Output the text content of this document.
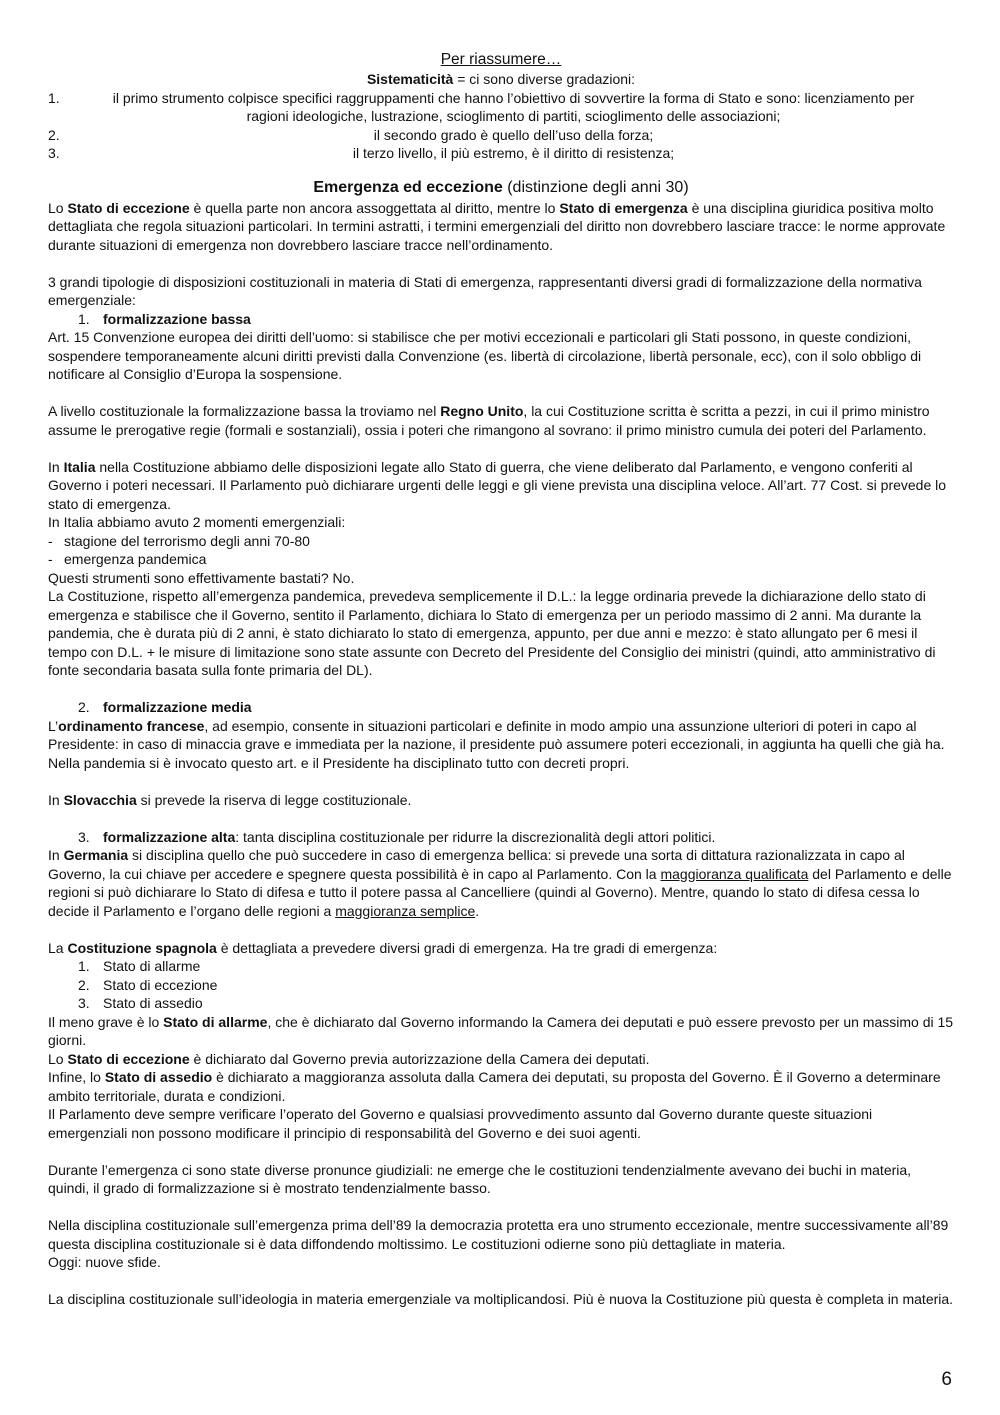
Per riassumere…

Sistematicità = ci sono diverse gradazioni:

1.	il primo strumento colpisce specifici raggruppamenti che hanno l’obiettivo di sovvertire la forma di Stato e sono: licenziamento per
ragioni ideologiche, lustrazione, scioglimento di partiti, scioglimento delle associazioni;
2.	il secondo grado è quello dell’uso della forza;
3.	il terzo livello, il più estremo, è il diritto di resistenza;
Emergenza ed eccezione (distinzione degli anni 30)

Lo Stato di eccezione è quella parte non ancora assoggettata al diritto, mentre lo Stato di emergenza è una disciplina giuridica positiva molto dettagliata che regola situazioni particolari. In termini astratti, i termini emergenziali del diritto non dovrebbero lasciare tracce: le norme approvate durante situazioni di emergenza non dovrebbero lasciare tracce nell’ordinamento.

3 grandi tipologie di disposizioni costituzionali in materia di Stati di emergenza, rappresentanti diversi gradi di formalizzazione della normativa emergenziale:

1. formalizzazione bassa

Art. 15 Convenzione europea dei diritti dell’uomo: si stabilisce che per motivi eccezionali e particolari gli Stati possono, in queste condizioni, sospendere temporaneamente alcuni diritti previsti dalla Convenzione (es. libertà di circolazione, libertà personale, ecc), con il solo obbligo di notificare al Consiglio d’Europa la sospensione.

A livello costituzionale la formalizzazione bassa la troviamo nel Regno Unito, la cui Costituzione scritta è scritta a pezzi, in cui il primo ministro assume le prerogative regie (formali e sostanziali), ossia i poteri che rimangono al sovrano: il primo ministro cumula dei poteri del Parlamento.

In Italia nella Costituzione abbiamo delle disposizioni legate allo Stato di guerra, che viene deliberato dal Parlamento, e vengono conferiti al Governo i poteri necessari. Il Parlamento può dichiarare urgenti delle leggi e gli viene prevista una disciplina veloce. All’art. 77 Cost. si prevede lo stato di emergenza.

In Italia abbiamo avuto 2 momenti emergenziali:

- stagione del terrorismo degli anni 70-80
- emergenza pandemica

Questi strumenti sono effettivamente bastati? No.

La Costituzione, rispetto all’emergenza pandemica, prevedeva semplicemente il D.L.: la legge ordinaria prevede la dichiarazione dello stato di emergenza e stabilisce che il Governo, sentito il Parlamento, dichiara lo Stato di emergenza per un periodo massimo di 2 anni. Ma durante la pandemia, che è durata più di 2 anni, è stato dichiarato lo stato di emergenza, appunto, per due anni e mezzo: è stato allungato per 6 mesi il tempo con D.L. + le misure di limitazione sono state assunte con Decreto del Presidente del Consiglio dei ministri (quindi, atto amministrativo di fonte secondaria basata sulla fonte primaria del DL).

2. formalizzazione media

L’ordinamento francese, ad esempio, consente in situazioni particolari e definite in modo ampio una assunzione ulteriori di poteri in capo al Presidente: in caso di minaccia grave e immediata per la nazione, il presidente può assumere poteri eccezionali, in aggiunta ha quelli che già ha. Nella pandemia si è invocato questo art. e il Presidente ha disciplinato tutto con decreti propri.

In Slovacchia si prevede la riserva di legge costituzionale.

3. formalizzazione alta: tanta disciplina costituzionale per ridurre la discrezionalità degli attori politici.

In Germania si disciplina quello che può succedere in caso di emergenza bellica: si prevede una sorta di dittatura razionalizzata in capo al Governo, la cui chiave per accedere e spegnere questa possibilità è in capo al Parlamento. Con la maggioranza qualificata del Parlamento e delle regioni si può dichiarare lo Stato di difesa e tutto il potere passa al Cancelliere (quindi al Governo). Mentre, quando lo stato di difesa cessa lo decide il Parlamento e l’organo delle regioni a maggioranza semplice.

La Costituzione spagnola è dettagliata a prevedere diversi gradi di emergenza. Ha tre gradi di emergenza:

1. Stato di allarme
2. Stato di eccezione
3. Stato di assedio

Il meno grave è lo Stato di allarme, che è dichiarato dal Governo informando la Camera dei deputati e può essere prevosto per un massimo di 15 giorni.

Lo Stato di eccezione è dichiarato dal Governo previa autorizzazione della Camera dei deputati.

Infine, lo Stato di assedio è dichiarato a maggioranza assoluta dalla Camera dei deputati, su proposta del Governo. È il Governo a determinare ambito territoriale, durata e condizioni.

Il Parlamento deve sempre verificare l’operato del Governo e qualsiasi provvedimento assunto dal Governo durante queste situazioni emergenziali non possono modificare il principio di responsabilità del Governo e dei suoi agenti.

Durante l’emergenza ci sono state diverse pronunce giudiziali: ne emerge che le costituzioni tendenzialmente avevano dei buchi in materia, quindi, il grado di formalizzazione si è mostrato tendenzialmente basso.

Nella disciplina costituzionale sull’emergenza prima dell’89 la democrazia protetta era uno strumento eccezionale, mentre successivamente all’89 questa disciplina costituzionale si è data diffondendo moltissimo. Le costituzioni odierne sono più dettagliate in materia.

Oggi: nuove sfide.

La disciplina costituzionale sull’ideologia in materia emergenziale va moltiplicandosi. Più è nuova la Costituzione più questa è completa in materia.

6
